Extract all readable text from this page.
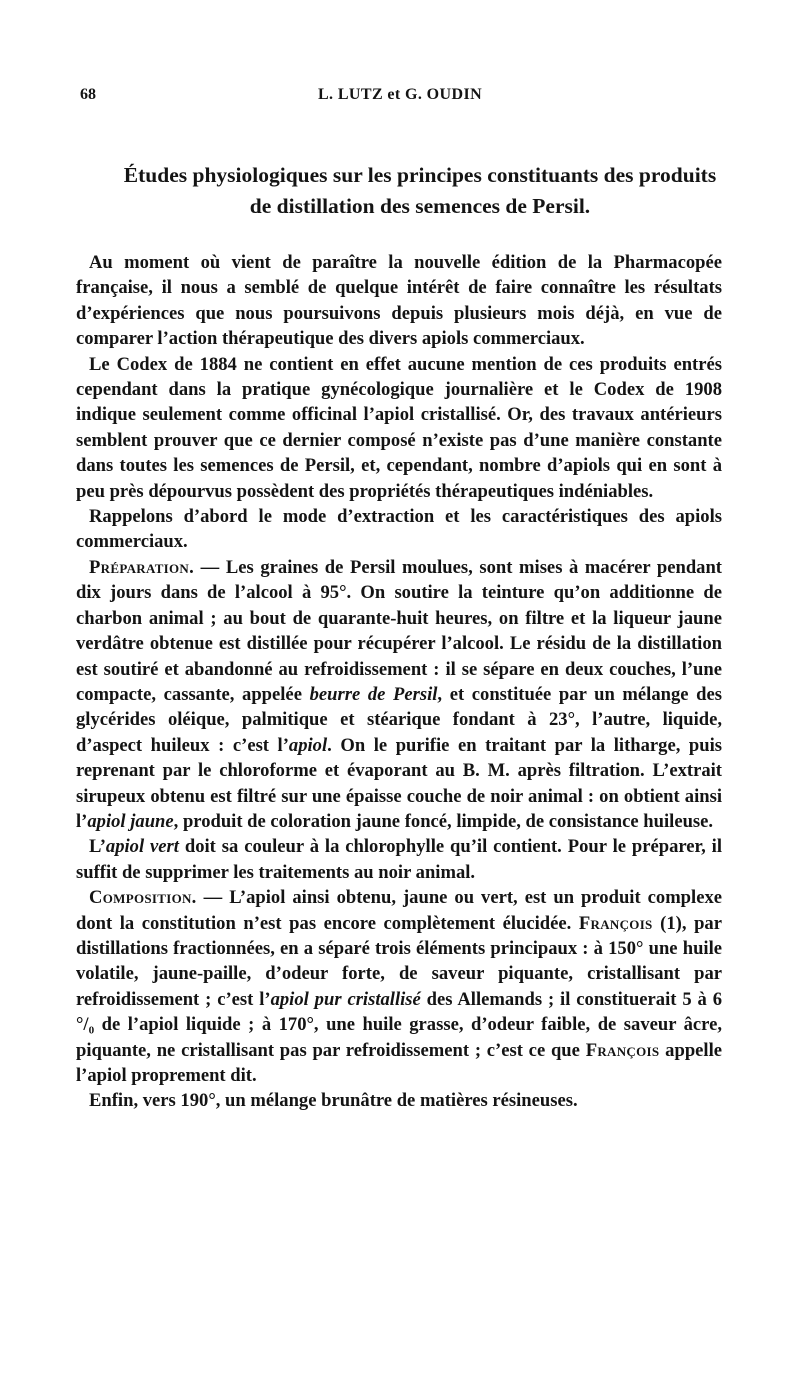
68	L. LUTZ et G. OUDIN
Études physiologiques sur les principes constituants des produits
de distillation des semences de Persil.

Au moment où vient de paraître la nouvelle édition de la Pharmacopée française, il nous a semblé de quelque intérêt de faire connaître les résultats d’expériences que nous poursuivons depuis plusieurs mois déjà, en vue de comparer l’action thérapeutique des divers apiols commerciaux.

Le Codex de 1884 ne contient en effet aucune mention de ces produits entrés cependant dans la pratique gynécologique journalière et le Codex de 1908 indique seulement comme officinal l’apiol cristallisé. Or, des travaux antérieurs semblent prouver que ce dernier composé n’existe pas d’une manière constante dans toutes les semences de Persil, et, cependant, nombre d’apiols qui en sont à peu près dépourvus possèdent des propriétés thérapeutiques indéniables.

Rappelons d’abord le mode d’extraction et les caractéristiques des apiols commerciaux.

Préparation. — Les graines de Persil moulues, sont mises à macérer pendant dix jours dans de l’alcool à 95°. On soutire la teinture qu’on additionne de charbon animal ; au bout de quarante-huit heures, on filtre et la liqueur jaune verdâtre obtenue est distillée pour récupérer l’alcool. Le résidu de la distillation est soutiré et abandonné au refroidissement : il se sépare en deux couches, l’une compacte, cassante, appelée beurre de Persil, et constituée par un mélange des glycérides oléique, palmitique et stéarique fondant à 23°, l’autre, liquide, d’aspect huileux : c’est l’apiol. On le purifie en traitant par la litharge, puis reprenant par le chloroforme et évaporant au B. M. après filtration. L’extrait sirupeux obtenu est filtré sur une épaisse couche de noir animal : on obtient ainsi l’apiol jaune, produit de coloration jaune foncé, limpide, de consistance huileuse.

L’apiol vert doit sa couleur à la chlorophylle qu’il contient. Pour le préparer, il suffit de supprimer les traitements au noir animal.

Composition. — L’apiol ainsi obtenu, jaune ou vert, est un produit complexe dont la constitution n’est pas encore complètement élucidée. François (1), par distillations fractionnées, en a séparé trois éléments principaux : à 150° une huile volatile, jaune-paille, d’odeur forte, de saveur piquante, cristallisant par refroidissement ; c’est l’apiol pur cristallisé des Allemands ; il constituerait 5 à 6 °/₀ de l’apiol liquide ; à 170°, une huile grasse, d’odeur faible, de saveur âcre, piquante, ne cristallisant pas par refroidissement ; c’est ce que François appelle l’apiol proprement dit.

Enfin, vers 190°, un mélange brunâtre de matières résineuses.
